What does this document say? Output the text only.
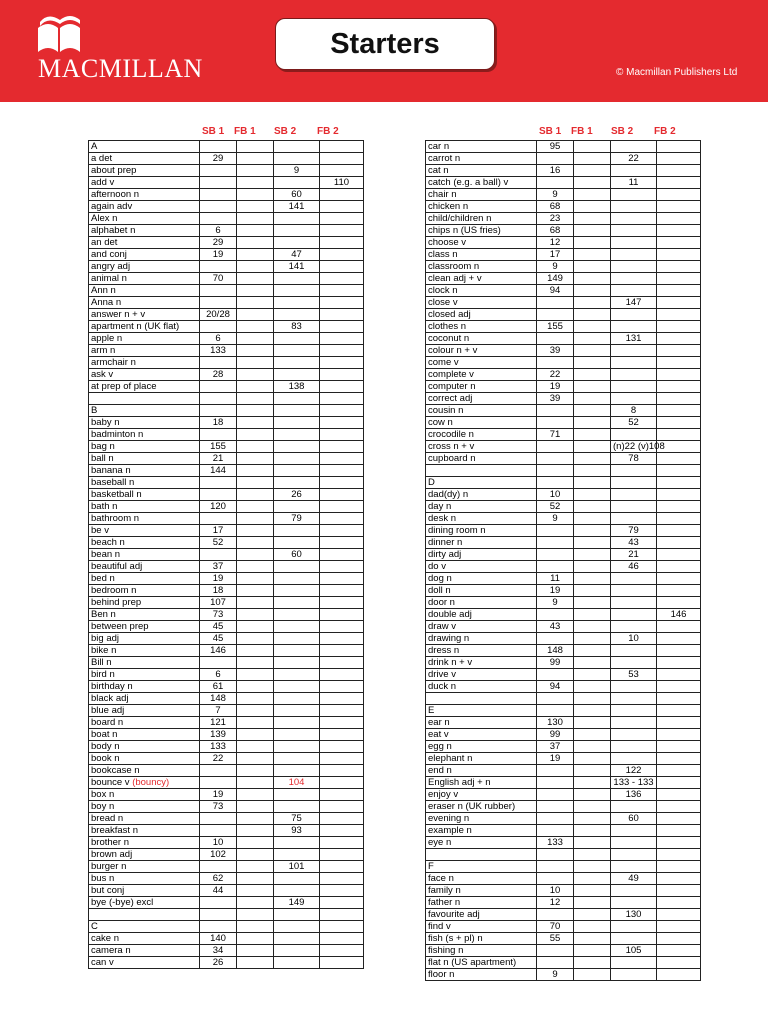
MACMILLAN
Starters
© Macmillan Publishers Ltd
SB 1 FB 1 SB 2 FB 2
A				
a det	29			
about prep			9	
add v				110
afternoon n			60	
again adv			141	
Alex n				
alphabet n	6			
an det	29			
and conj	19		47	
angry adj			141	
animal n	70			
Ann n				
Anna n				
answer n + v	20/28			
apartment n (UK flat)			83	
apple n	6			
arm n	133			
armchair n				
ask v	28			
at prep of place			138	

B				
baby n	18			
badminton n				
bag n	155			
ball n	21			
banana n	144			
baseball n				
basketball n			26	
bath n	120			
bathroom n			79	
be v	17			
beach n	52			
bean n			60	
beautiful adj	37			
bed n	19			
bedroom n	18			
behind prep	107			
Ben n	73			
between prep	45			
big adj	45			
bike n	146			
Bill n				
bird n	6			
birthday n	61			
black adj	148			
blue adj	7			
board n	121			
boat n	139			
body n	133			
book n	22			
bookcase n				
bounce v (bouncy)			104	
box n	19			
boy n	73			
bread n			75	
breakfast n			93	
brother n	10			
brown adj	102			
burger n			101	
bus n	62			
but conj	44			
bye (-bye) excl			149	

C				
cake n	140			
camera n	34			
can v	26			
SB 1 FB 1 SB 2 FB 2
car n	95			
carrot n			22	
cat n	16			
catch (e.g. a ball) v			11	
chair n	9			
chicken n	68			
child/children n	23			
chips n (US fries)	68			
choose v	12			
class n	17			
classroom n	9			
clean adj + v	149			
clock n	94			
close v			147	
closed adj				
clothes n	155			
coconut n			131	
colour n + v	39			
come v				
complete v	22			
computer n	19			
correct adj	39			
cousin n			8	
cow n			52	
crocodile n	71			
cross n + v			(n)22 (v)108	
cupboard n			78	

D				
dad(dy) n	10			
day n	52			
desk n	9			
dining room n			79	
dinner n			43	
dirty adj			21	
do v			46	
dog n	11			
doll n	19			
door n	9			
double adj				146
draw v	43			
drawing n			10	
dress n	148			
drink n + v	99			
drive v			53	
duck n	94			

E				
ear n	130			
eat v	99			
egg n	37			
elephant n	19			
end n			122	
English adj + n			133 - 133	
enjoy v			136	
eraser n (UK rubber)				
evening n			60	
example n				
eye n	133			

F				
face n			49	
family n	10			
father n	12			
favourite adj			130	
find v	70			
fish (s + pl) n	55			
fishing n			105	
flat n (US apartment)				
floor n	9			
